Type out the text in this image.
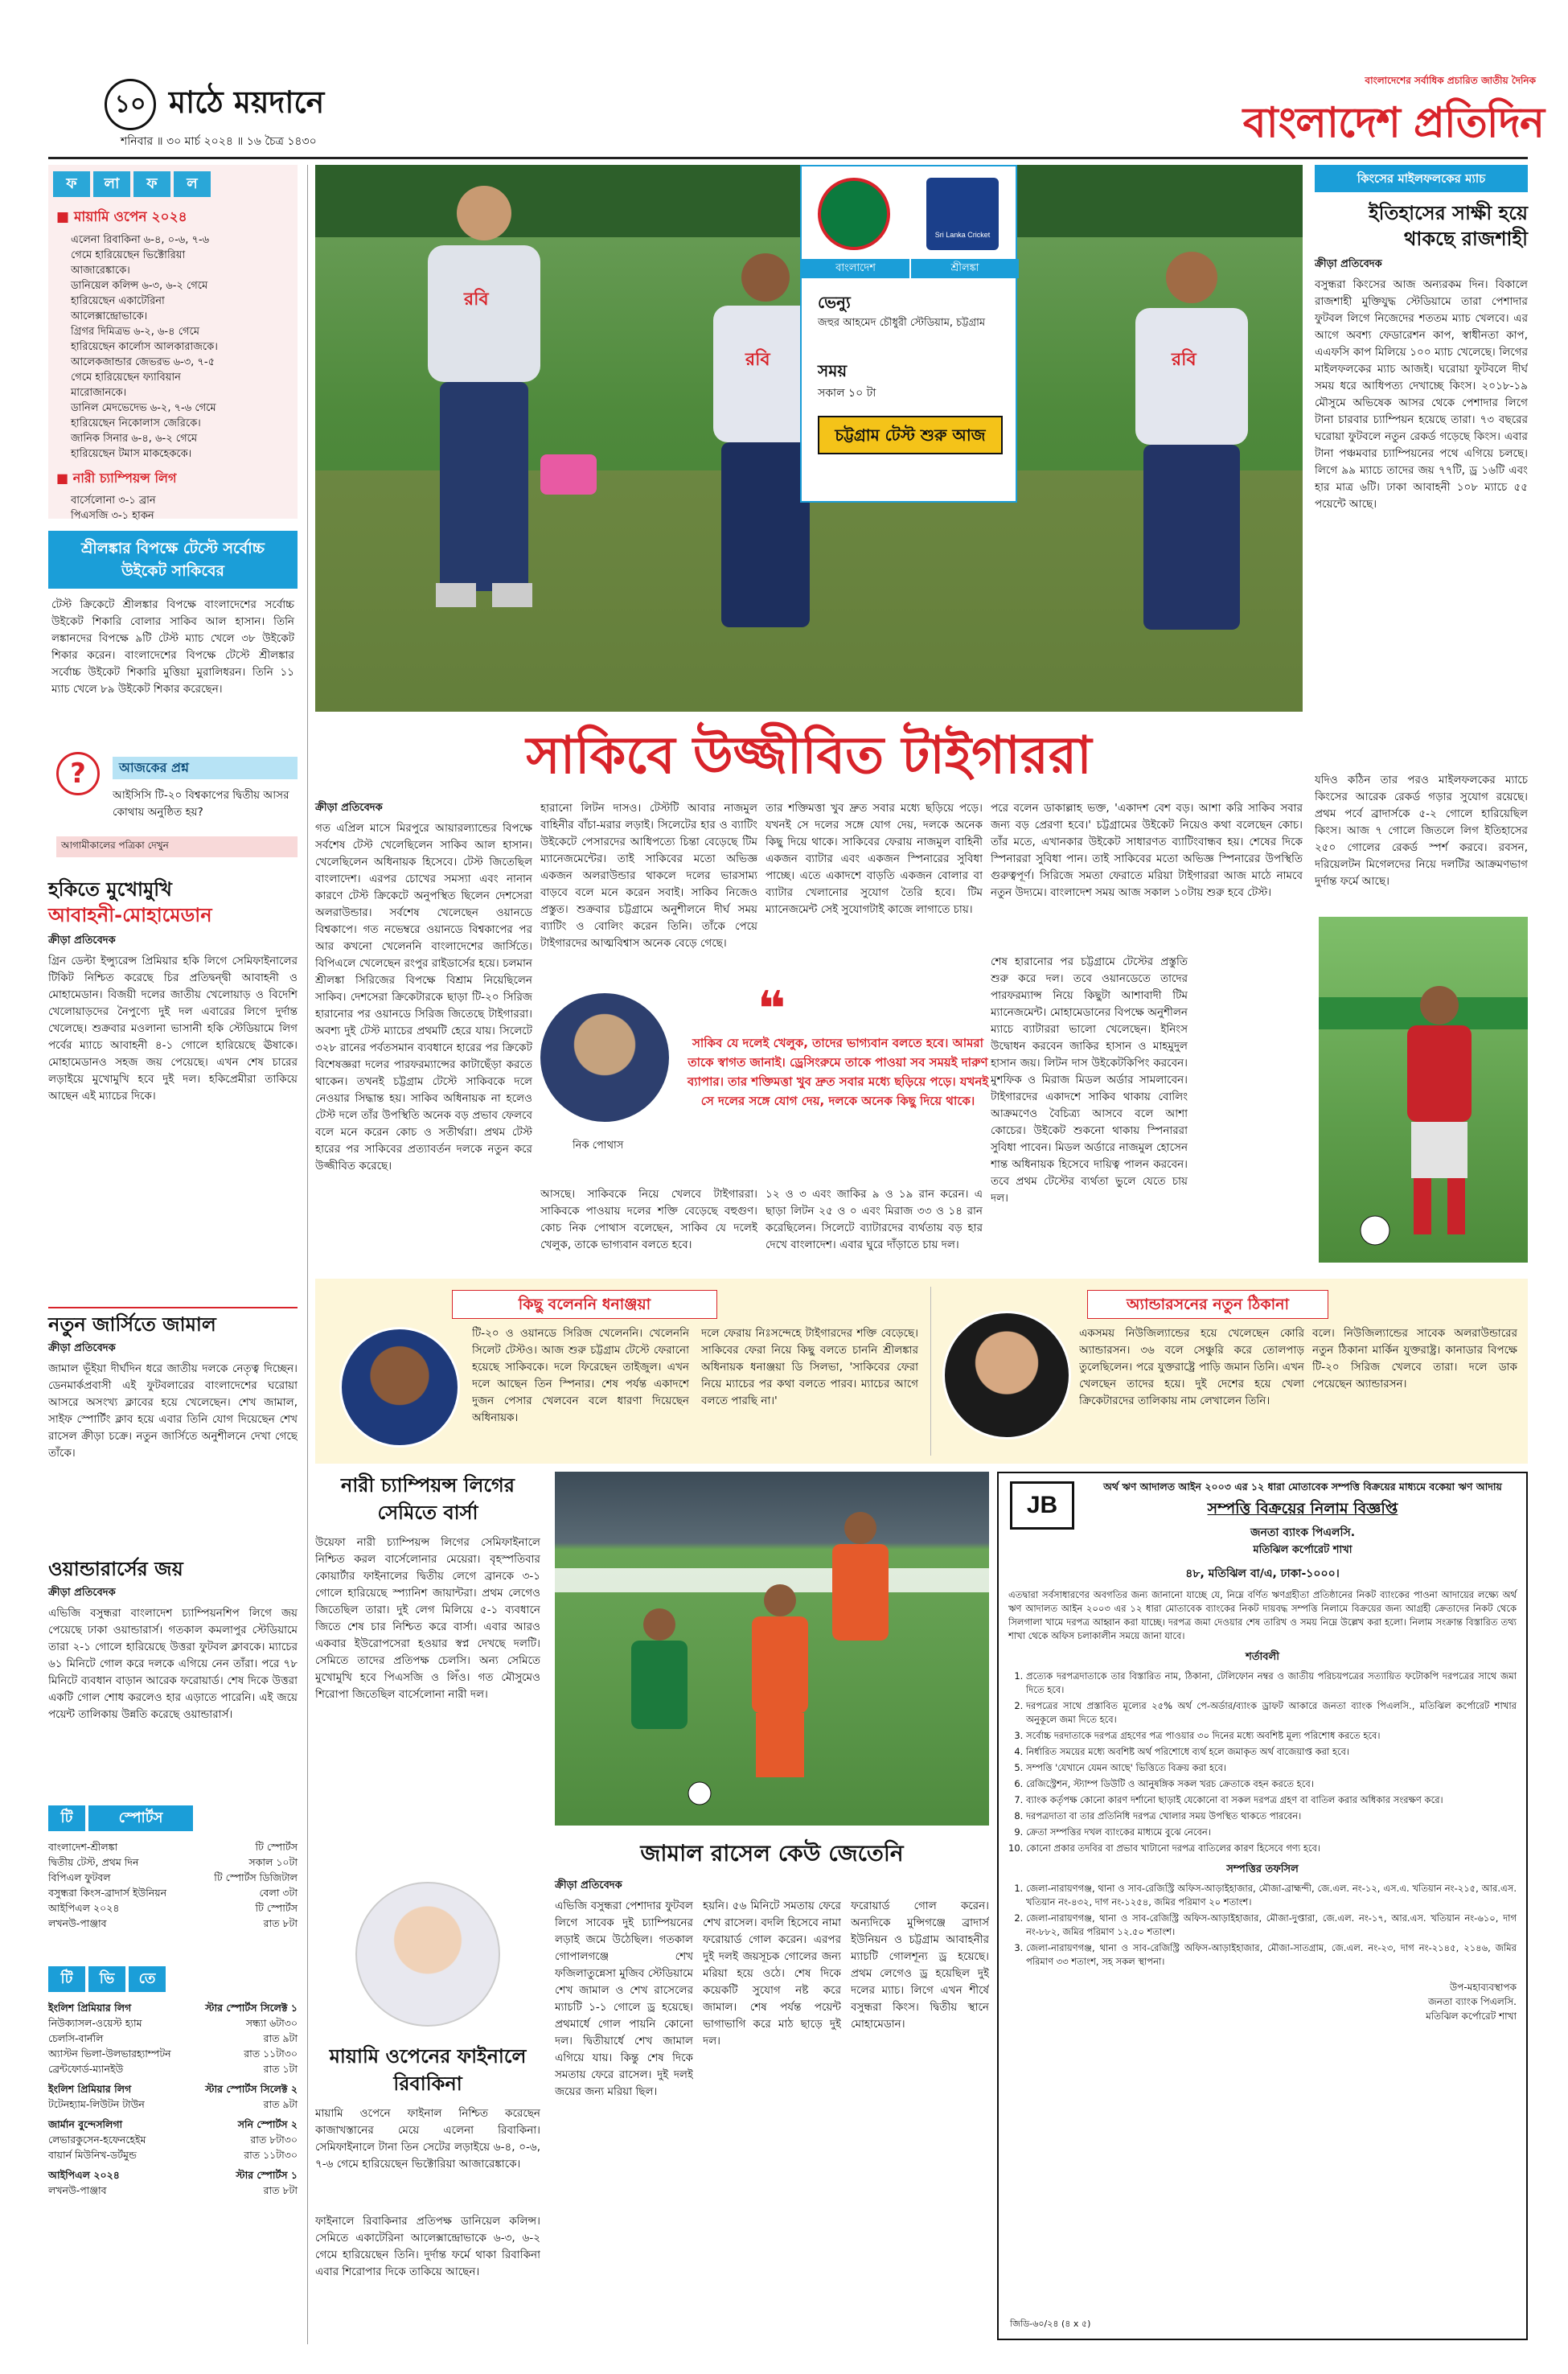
১০ মাঠে ময়দানে
শনিবার ॥ ৩০ মার্চ ২০২৪ ॥ ১৬ চৈত্র ১৪৩০
বাংলাদেশের সর্বাধিক প্রচারিত জাতীয় দৈনিক
বাংলাদেশ প্রতিদিন
ফ লা ফ ল
■ মায়ামি ওপেন ২০২৪
এলেনা রিবাকিনা ৬-৪, ০-৬, ৭-৬
গেমে হারিয়েছেন ভিক্টোরিয়া
আজারেঙ্কাকে।
ডানিয়েল কলিন্স ৬-৩, ৬-২ গেমে
হারিয়েছেন একাটেরিনা
আলেক্সান্দ্রোভাকে।
গ্রিগর দিমিত্রভ ৬-২, ৬-৪ গেমে
হারিয়েছেন কার্লোস আলকারাজকে।
আলেকজান্ডার জেভরভ ৬-৩, ৭-৫
গেমে হারিয়েছেন ফ্যাবিয়ান
মারোজানকে।
ডানিল মেদভেদেভ ৬-২, ৭-৬ গেমে
হারিয়েছেন নিকোলাস জেরিকে।
জানিক সিনার ৬-৪, ৬-২ গেমে
হারিয়েছেন টমাস মাকহেককে।
■ নারী চ্যাম্পিয়ন্স লিগ
বার্সেলোনা ৩-১ ব্রান
পিএসজি ৩-১ হাকন
শ্রীলঙ্কার বিপক্ষে টেস্টে সর্বোচ্চ উইকেট সাকিবের
টেস্ট ক্রিকেটে শ্রীলঙ্কার বিপক্ষে বাংলাদেশের সর্বোচ্চ উইকেট শিকারি বোলার সাকিব আল হাসান। তিনি লঙ্কানদের বিপক্ষে ৯টি টেস্ট ম্যাচ খেলে ৩৮ উইকেট শিকার করেন। বাংলাদেশের বিপক্ষে টেস্টে শ্রীলঙ্কার সর্বোচ্চ উইকেট শিকারি মুত্তিয়া মুরালিধরন। তিনি ১১ ম্যাচ খেলে ৮৯ উইকেট শিকার করেছেন।
?	আজকের প্রশ্ন
আইসিসি টি-২০ বিশ্বকাপের দ্বিতীয় আসর কোথায় অনুষ্ঠিত হয়?
আগামীকালের পত্রিকা দেখুন
হকিতে মুখোমুখি
আবাহনী-মোহামেডান
ক্রীড়া প্রতিবেদক
গ্রিন ডেল্টা ইন্স্যুরেন্স প্রিমিয়ার হকি লিগে সেমিফাইনালের টিকিট নিশ্চিত করেছে চির প্রতিদ্বন্দ্বী আবাহনী ও মোহামেডান। বিজয়ী দলের জাতীয় খেলোয়াড় ও বিদেশি খেলোয়াড়দের নৈপুণ্যে দুই দল এবারের লিগে দুর্দান্ত খেলেছে। শুক্রবার মওলানা ভাসানী হকি স্টেডিয়ামে লিগ পর্বের ম্যাচে আবাহনী ৪-১ গোলে হারিয়েছে ঊষাকে। মোহামেডানও সহজ জয় পেয়েছে। এখন শেষ চারের লড়াইয়ে মুখোমুখি হবে দুই দল। হকিপ্রেমীরা তাকিয়ে আছেন এই ম্যাচের দিকে।
নতুন জার্সিতে জামাল
ক্রীড়া প্রতিবেদক
জামাল ভূঁইয়া দীর্ঘদিন ধরে জাতীয় দলকে নেতৃত্ব দিচ্ছেন। ডেনমার্কপ্রবাসী এই ফুটবলারের বাংলাদেশের ঘরোয়া আসরে অসংখ্য ক্লাবের হয়ে খেলেছেন। শেখ জামাল, সাইফ স্পোর্টিং ক্লাব হয়ে এবার তিনি যোগ দিয়েছেন শেখ রাসেল ক্রীড়া চক্রে। নতুন জার্সিতে অনুশীলনে দেখা গেছে তাঁকে।
ওয়ান্ডারার্সের জয়
ক্রীড়া প্রতিবেদক
এভিজি বসুন্ধরা বাংলাদেশ চ্যাম্পিয়নশিপ লিগে জয় পেয়েছে ঢাকা ওয়ান্ডারার্স। গতকাল কমলাপুর স্টেডিয়ামে তারা ২-১ গোলে হারিয়েছে উত্তরা ফুটবল ক্লাবকে। ম্যাচের ৬১ মিনিটে গোল করে দলকে এগিয়ে নেন তাঁরা। পরে ৭৮ মিনিটে ব্যবধান বাড়ান আরেক ফরোয়ার্ড। শেষ দিকে উত্তরা একটি গোল শোধ করলেও হার এড়াতে পারেনি। এই জয়ে পয়েন্ট তালিকায় উন্নতি করেছে ওয়ান্ডারার্স।
টি	স্পোর্টস
বাংলাদেশ-শ্রীলঙ্কা	টি স্পোর্টস
দ্বিতীয় টেস্ট, প্রথম দিন	সকাল ১০টা
বিপিএল ফুটবল	টি স্পোর্টস ডিজিটাল
বসুন্ধরা কিংস-ব্রাদার্স ইউনিয়ন	বেলা ৩টা
আইপিএল ২০২৪	টি স্পোর্টস
লখনউ-পাঞ্জাব	রাত ৮টা
টি ভি তে
ইংলিশ প্রিমিয়ার লিগ	স্টার স্পোর্টস সিলেক্ট ১
নিউক্যাসল-ওয়েস্ট হ্যাম	সন্ধ্যা ৬টা৩০
চেলসি-বার্নলি	রাত ৯টা
অ্যাস্টন ভিলা-উলভারহ্যাম্পটন	রাত ১১টা৩০
ব্রেন্টফোর্ড-ম্যানইউ	রাত ১টা
ইংলিশ প্রিমিয়ার লিগ	স্টার স্পোর্টস সিলেক্ট ২
টটেনহ্যাম-লিউটন টাউন	রাত ৯টা
জার্মান বুন্দেসলিগা	সনি স্পোর্টস ২
লেভারকুসেন-হফেনহেইম	রাত ৮টা৩০
বায়ার্ন মিউনিখ-ডর্টমুন্ড	রাত ১১টা৩০
আইপিএল ২০২৪	স্টার স্পোর্টস ১
লখনউ-পাঞ্জাব	রাত ৮টা
রবি
রবি	রবি
Sri Lanka Cricket
বাংলাদেশ	শ্রীলঙ্কা
ভেন্যু
জহুর আহমেদ চৌধুরী স্টেডিয়াম, চট্টগ্রাম
সময়
সকাল ১০ টা
চট্টগ্রাম টেস্ট শুরু আজ
কিংসের মাইলফলকের ম্যাচ
ইতিহাসের সাক্ষী হয়ে থাকছে রাজশাহী
ক্রীড়া প্রতিবেদক
বসুন্ধরা কিংসের আজ অন্যরকম দিন। বিকালে রাজশাহী মুক্তিযুদ্ধ স্টেডিয়ামে তারা পেশাদার ফুটবল লিগে নিজেদের শততম ম্যাচ খেলবে। এর আগে অবশ্য ফেডারেশন কাপ, স্বাধীনতা কাপ, এএফসি কাপ মিলিয়ে ১০০ ম্যাচ খেলেছে। লিগের মাইলফলকের ম্যাচ আজই। ঘরোয়া ফুটবলে দীর্ঘ সময় ধরে আধিপত্য দেখাচ্ছে কিংস। ২০১৮-১৯ মৌসুমে অভিষেক আসর থেকে পেশাদার লিগে টানা চারবার চ্যাম্পিয়ন হয়েছে তারা। ৭৩ বছরের ঘরোয়া ফুটবলে নতুন রেকর্ড গড়েছে কিংস। এবার টানা পঞ্চমবার চ্যাম্পিয়নের পথে এগিয়ে চলছে। লিগে ৯৯ ম্যাচে তাদের জয় ৭৭টি, ড্র ১৬টি এবং হার মাত্র ৬টি। ঢাকা আবাহনী ১০৮ ম্যাচে ৫৫ পয়েন্টে আছে।
যদিও কঠিন তার পরও মাইলফলকের ম্যাচে কিংসের আরেক রেকর্ড গড়ার সুযোগ রয়েছে। প্রথম পর্বে ব্রাদার্সকে ৫-২ গোলে হারিয়েছিল কিংস। আজ ৭ গোলে জিতলে লিগ ইতিহাসের ২৫০ গোলের রেকর্ড স্পর্শ করবে। রবসন, দরিয়েলটন মিগেলদের নিয়ে দলটির আক্রমণভাগ দুর্দান্ত ফর্মে আছে।
সাকিবে উজ্জীবিত টাইগাররা
ক্রীড়া প্রতিবেদক
গত এপ্রিল মাসে মিরপুরে আয়ারল্যান্ডের বিপক্ষে সর্বশেষ টেস্ট খেলেছিলেন সাকিব আল হাসান। খেলেছিলেন অধিনায়ক হিসেবে। টেস্ট জিতেছিল বাংলাদেশ। এরপর চোখের সমস্যা এবং নানান কারণে টেস্ট ক্রিকেটে অনুপস্থিত ছিলেন দেশসেরা অলরাউন্ডার। সর্বশেষ খেলেছেন ওয়ানডে বিশ্বকাপে। গত নভেম্বরে ওয়ানডে বিশ্বকাপের পর আর কখনো খেলেননি বাংলাদেশের জার্সিতে। বিপিএলে খেলেছেন রংপুর রাইডার্সের হয়ে। চলমান শ্রীলঙ্কা সিরিজের বিপক্ষে বিশ্রাম নিয়েছিলেন সাকিব। দেশসেরা ক্রিকেটারকে ছাড়া টি-২০ সিরিজ হারানোর পর ওয়ানডে সিরিজ জিতেছে টাইগাররা। অবশ্য দুই টেস্ট ম্যাচের প্রথমটি হেরে যায়। সিলেটে ৩২৮ রানের পর্বতসমান ব্যবধানে হারের পর ক্রিকেট বিশেষজ্ঞরা দলের পারফরম্যান্সের কাটাছেঁড়া করতে থাকেন। তখনই চট্টগ্রাম টেস্টে সাকিবকে দলে নেওয়ার সিদ্ধান্ত হয়। সাকিব অধিনায়ক না হলেও টেস্ট দলে তাঁর উপস্থিতি অনেক বড় প্রভাব ফেলবে বলে মনে করেন কোচ ও সতীর্থরা। প্রথম টেস্ট হারের পর সাকিবের প্রত্যাবর্তন দলকে নতুন করে উজ্জীবিত করেছে।
হারানো লিটন দাসও। টেস্টটি আবার নাজমুল বাহিনীর বাঁচা-মরার লড়াই। সিলেটের হার ও ব্যাটিং উইকেটে পেসারদের আধিপত্যে চিন্তা বেড়েছে টিম ম্যানেজমেন্টের। তাই সাকিবের মতো অভিজ্ঞ একজন অলরাউন্ডার থাকলে দলের ভারসাম্য বাড়বে বলে মনে করেন সবাই। সাকিব নিজেও প্রস্তুত। শুক্রবার চট্টগ্রামে অনুশীলনে দীর্ঘ সময় ব্যাটিং ও বোলিং করেন তিনি। তাঁকে পেয়ে টাইগারদের আত্মবিশ্বাস অনেক বেড়ে গেছে।
তার শক্তিমত্তা খুব দ্রুত সবার মধ্যে ছড়িয়ে পড়ে। যখনই সে দলের সঙ্গে যোগ দেয়, দলকে অনেক কিছু দিয়ে থাকে। সাকিবের ফেরায় নাজমুল বাহিনী একজন ব্যাটার এবং একজন স্পিনারের সুবিধা পাচ্ছে। এতে একাদশে বাড়তি একজন বোলার বা ব্যাটার খেলানোর সুযোগ তৈরি হবে। টিম ম্যানেজমেন্ট সেই সুযোগটাই কাজে লাগাতে চায়।
পরে বলেন ডাকাল্লাহ ভক্ত, 'একাদশ বেশ বড়। আশা করি সাকিব সবার জন্য বড় প্রেরণা হবে।' চট্টগ্রামের উইকেট নিয়েও কথা বলেছেন কোচ। তাঁর মতে, এখানকার উইকেট সাধারণত ব্যাটিংবান্ধব হয়। শেষের দিকে স্পিনাররা সুবিধা পান। তাই সাকিবের মতো অভিজ্ঞ স্পিনারের উপস্থিতি গুরুত্বপূর্ণ। সিরিজে সমতা ফেরাতে মরিয়া টাইগাররা আজ মাঠে নামবে নতুন উদ্যমে। বাংলাদেশ সময় আজ সকাল ১০টায় শুরু হবে টেস্ট।
শেষ হারানোর পর চট্টগ্রামে টেস্টের প্রস্তুতি শুরু করে দল। তবে ওয়ানডেতে তাদের পারফরম্যান্স নিয়ে কিছুটা আশাবাদী টিম ম্যানেজমেন্ট। মোহামেডানের বিপক্ষে অনুশীলন ম্যাচে ব্যাটাররা ভালো খেলেছেন। ইনিংস উদ্বোধন করবেন জাকির হাসান ও মাহমুদুল হাসান জয়। লিটন দাস উইকেটকিপিং করবেন। মুশফিক ও মিরাজ মিডল অর্ডার সামলাবেন। টাইগারদের একাদশে সাকিব থাকায় বোলিং আক্রমণেও বৈচিত্র্য আসবে বলে আশা কোচের। উইকেট শুকনো থাকায় স্পিনাররা সুবিধা পাবেন। মিডল অর্ডারে নাজমুল হোসেন শান্ত অধিনায়ক হিসেবে দায়িত্ব পালন করবেন। তবে প্রথম টেস্টের ব্যর্থতা ভুলে যেতে চায় দল।
নিক পোথাস
❝
সাকিব যে দলেই খেলুক, তাদের ভাগ্যবান বলতে হবে। আমরা তাকে স্বাগত জানাই। ড্রেসিংরুমে তাকে পাওয়া সব সময়ই দারুণ ব্যাপার। তার শক্তিমত্তা খুব দ্রুত সবার মধ্যে ছড়িয়ে পড়ে। যখনই সে দলের সঙ্গে যোগ দেয়, দলকে অনেক কিছু দিয়ে থাকে।
আসছে। সাকিবকে নিয়ে খেলবে টাইগাররা। সাকিবকে পাওয়ায় দলের শক্তি বেড়েছে বহুগুণ। কোচ নিক পোথাস বলেছেন, সাকিব যে দলেই খেলুক, তাকে ভাগ্যবান বলতে হবে।
১২ ও ৩ এবং জাকির ৯ ও ১৯ রান করেন। এ ছাড়া লিটন ২৫ ও ০ এবং মিরাজ ৩৩ ও ১৪ রান করেছিলেন। সিলেটে ব্যাটারদের ব্যর্থতায় বড় হার দেখে বাংলাদেশ। এবার ঘুরে দাঁড়াতে চায় দল।
কিছু বলেননি ধনাঞ্জয়া
টি-২০ ও ওয়ানডে সিরিজ খেলেননি। খেলেননি সিলেট টেস্টও। আজ শুরু চট্টগ্রাম টেস্টে ফেরানো হয়েছে সাকিবকে। দলে ফিরেছেন তাইজুল। এখন দলে আছেন তিন স্পিনার। শেষ পর্যন্ত একাদশে দুজন পেসার খেলবেন বলে ধারণা দিয়েছেন অধিনায়ক।
দলে ফেরায় নিঃসন্দেহে টাইগারদের শক্তি বেড়েছে। সাকিবের ফেরা নিয়ে কিছু বলতে চাননি শ্রীলঙ্কার অধিনায়ক ধনাঞ্জয়া ডি সিলভা, 'সাকিবের ফেরা নিয়ে ম্যাচের পর কথা বলতে পারব। ম্যাচের আগে বলতে পারছি না।'
অ্যান্ডারসনের নতুন ঠিকানা
একসময় নিউজিল্যান্ডের হয়ে খেলেছেন কোরি অ্যান্ডারসন। ৩৬ বলে সেঞ্চুরি করে তোলপাড় তুলেছিলেন। পরে যুক্তরাষ্ট্রে পাড়ি জমান তিনি। এখন খেলছেন তাদের হয়ে। দুই দেশের হয়ে খেলা ক্রিকেটারদের তালিকায় নাম লেখালেন তিনি।
বলে। নিউজিল্যান্ডের সাবেক অলরাউন্ডারের নতুন ঠিকানা মার্কিন যুক্তরাষ্ট্র। কানাডার বিপক্ষে টি-২০ সিরিজ খেলবে তারা। দলে ডাক পেয়েছেন অ্যান্ডারসন।
নারী চ্যাম্পিয়ন্স লিগের সেমিতে বার্সা
উয়েফা নারী চ্যাম্পিয়ন্স লিগের সেমিফাইনালে নিশ্চিত করল বার্সেলোনার মেয়েরা। বৃহস্পতিবার কোয়ার্টার ফাইনালের দ্বিতীয় লেগে ব্রানকে ৩-১ গোলে হারিয়েছে স্প্যানিশ জায়ান্টরা। প্রথম লেগেও জিতেছিল তারা। দুই লেগ মিলিয়ে ৫-১ ব্যবধানে জিতে শেষ চার নিশ্চিত করে বার্সা। এবার আরও একবার ইউরোপসেরা হওয়ার স্বপ্ন দেখছে দলটি। সেমিতে তাদের প্রতিপক্ষ চেলসি। অন্য সেমিতে মুখোমুখি হবে পিএসজি ও লিঁও। গত মৌসুমেও শিরোপা জিতেছিল বার্সেলোনা নারী দল।
মায়ামি ওপেনের ফাইনালে রিবাকিনা
মায়ামি ওপেনে ফাইনাল নিশ্চিত করেছেন কাজাখস্তানের মেয়ে এলেনা রিবাকিনা। সেমিফাইনালে টানা তিন সেটের লড়াইয়ে ৬-৪, ০-৬, ৭-৬ গেমে হারিয়েছেন ভিক্টোরিয়া আজারেঙ্কাকে।
ফাইনালে রিবাকিনার প্রতিপক্ষ ডানিয়েল কলিন্স। সেমিতে একাটেরিনা আলেক্সান্দ্রোভাকে ৬-৩, ৬-২ গেমে হারিয়েছেন তিনি। দুর্দান্ত ফর্মে থাকা রিবাকিনা এবার শিরোপার দিকে তাকিয়ে আছেন।
জামাল রাসেল কেউ জেতেনি
ক্রীড়া প্রতিবেদক
এভিজি বসুন্ধরা পেশাদার ফুটবল লিগে সাবেক দুই চ্যাম্পিয়নের লড়াই জমে উঠেছিল। গতকাল গোপালগঞ্জে শেখ ফজিলাতুন্নেসা মুজিব স্টেডিয়ামে শেখ জামাল ও শেখ রাসেলের ম্যাচটি ১-১ গোলে ড্র হয়েছে। প্রথমার্ধে গোল পায়নি কোনো দল। দ্বিতীয়ার্ধে শেখ জামাল এগিয়ে যায়। কিন্তু শেষ দিকে সমতায় ফেরে রাসেল। দুই দলই জয়ের জন্য মরিয়া ছিল।
হয়নি। ৫৬ মিনিটে সমতায় ফেরে শেখ রাসেল। বদলি হিসেবে নামা ফরোয়ার্ড গোল করেন। এরপর দুই দলই জয়সূচক গোলের জন্য মরিয়া হয়ে ওঠে। শেষ দিকে কয়েকটি সুযোগ নষ্ট করে জামাল। শেষ পর্যন্ত পয়েন্ট ভাগাভাগি করে মাঠ ছাড়ে দুই দল।
ফরোয়ার্ড গোল করেন। অন্যদিকে মুন্সিগঞ্জে ব্রাদার্স ইউনিয়ন ও চট্টগ্রাম আবাহনীর ম্যাচটি গোলশূন্য ড্র হয়েছে। প্রথম লেগেও ড্র হয়েছিল দুই দলের ম্যাচ। লিগে এখন শীর্ষে বসুন্ধরা কিংস। দ্বিতীয় স্থানে মোহামেডান।
অর্থ ঋণ আদালত আইন ২০০৩ এর ১২ ধারা মোতাবেক সম্পত্তি বিক্রয়ের মাধ্যমে বকেয়া ঋণ আদায়
JB	সম্পত্তি বিক্রয়ের নিলাম বিজ্ঞপ্তি
জনতা ব্যাংক পিএলসি.
মতিঝিল কর্পোরেট শাখা
৪৮, মতিঝিল বা/এ, ঢাকা-১০০০।
এতদ্বারা সর্বসাধারণের অবগতির জন্য জানানো যাচ্ছে যে, নিম্নে বর্ণিত ঋণগ্রহীতা প্রতিষ্ঠানের নিকট ব্যাংকের পাওনা আদায়ের লক্ষ্যে অর্থ ঋণ আদালত আইন ২০০৩ এর ১২ ধারা মোতাবেক ব্যাংকের নিকট দায়বদ্ধ সম্পত্তি নিলামে বিক্রয়ের জন্য আগ্রহী ক্রেতাদের নিকট থেকে সিলগালা খামে দরপত্র আহ্বান করা যাচ্ছে। দরপত্র জমা দেওয়ার শেষ তারিখ ও সময় নিম্নে উল্লেখ করা হলো। নিলাম সংক্রান্ত বিস্তারিত তথ্য শাখা থেকে অফিস চলাকালীন সময়ে জানা যাবে।
শর্তাবলী
1. প্রত্যেক দরপত্রদাতাকে তার বিস্তারিত নাম, ঠিকানা, টেলিফোন নম্বর ও জাতীয় পরিচয়পত্রের সত্যায়িত ফটোকপি দরপত্রের সাথে জমা দিতে হবে।
2. দরপত্রের সাথে প্রস্তাবিত মূল্যের ২৫% অর্থ পে-অর্ডার/ব্যাংক ড্রাফট আকারে জনতা ব্যাংক পিএলসি., মতিঝিল কর্পোরেট শাখার অনুকূলে জমা দিতে হবে।
3. সর্বোচ্চ দরদাতাকে দরপত্র গ্রহণের পত্র পাওয়ার ৩০ দিনের মধ্যে অবশিষ্ট মূল্য পরিশোধ করতে হবে।
4. নির্ধারিত সময়ের মধ্যে অবশিষ্ট অর্থ পরিশোধে ব্যর্থ হলে জমাকৃত অর্থ বাজেয়াপ্ত করা হবে।
5. সম্পত্তি 'যেখানে যেমন আছে' ভিত্তিতে বিক্রয় করা হবে।
6. রেজিস্ট্রেশন, স্ট্যাম্প ডিউটি ও আনুষঙ্গিক সকল খরচ ক্রেতাকে বহন করতে হবে।
7. ব্যাংক কর্তৃপক্ষ কোনো কারণ দর্শানো ছাড়াই যেকোনো বা সকল দরপত্র গ্রহণ বা বাতিল করার অধিকার সংরক্ষণ করে।
8. দরপত্রদাতা বা তার প্রতিনিধি দরপত্র খোলার সময় উপস্থিত থাকতে পারবেন।
9. ক্রেতা সম্পত্তির দখল ব্যাংকের মাধ্যমে বুঝে নেবেন।
10. কোনো প্রকার তদবির বা প্রভাব খাটানো দরপত্র বাতিলের কারণ হিসেবে গণ্য হবে।
সম্পত্তির তফসিল
1. জেলা-নারায়ণগঞ্জ, থানা ও সাব-রেজিস্ট্রি অফিস-আড়াইহাজার, মৌজা-ব্রাহ্মন্দী, জে.এল. নং-১২, এস.এ. খতিয়ান নং-২১৫, আর.এস. খতিয়ান নং-৪৩২, দাগ নং-১২৫৪, জমির পরিমাণ ২০ শতাংশ।
2. জেলা-নারায়ণগঞ্জ, থানা ও সাব-রেজিস্ট্রি অফিস-আড়াইহাজার, মৌজা-দুপ্তারা, জে.এল. নং-১৭, আর.এস. খতিয়ান নং-৬১০, দাগ নং-৮৮২, জমির পরিমাণ ১২.৫০ শতাংশ।
3. জেলা-নারায়ণগঞ্জ, থানা ও সাব-রেজিস্ট্রি অফিস-আড়াইহাজার, মৌজা-সাতগ্রাম, জে.এল. নং-২৩, দাগ নং-২১৪৫, ২১৪৬, জমির পরিমাণ ৩৩ শতাংশ, সহ সকল স্থাপনা।
উপ-মহাব্যবস্থাপক
জনতা ব্যাংক পিএলসি.
মতিঝিল কর্পোরেট শাখা
জিডি-৬০/২৪ (৪ x ৫)
